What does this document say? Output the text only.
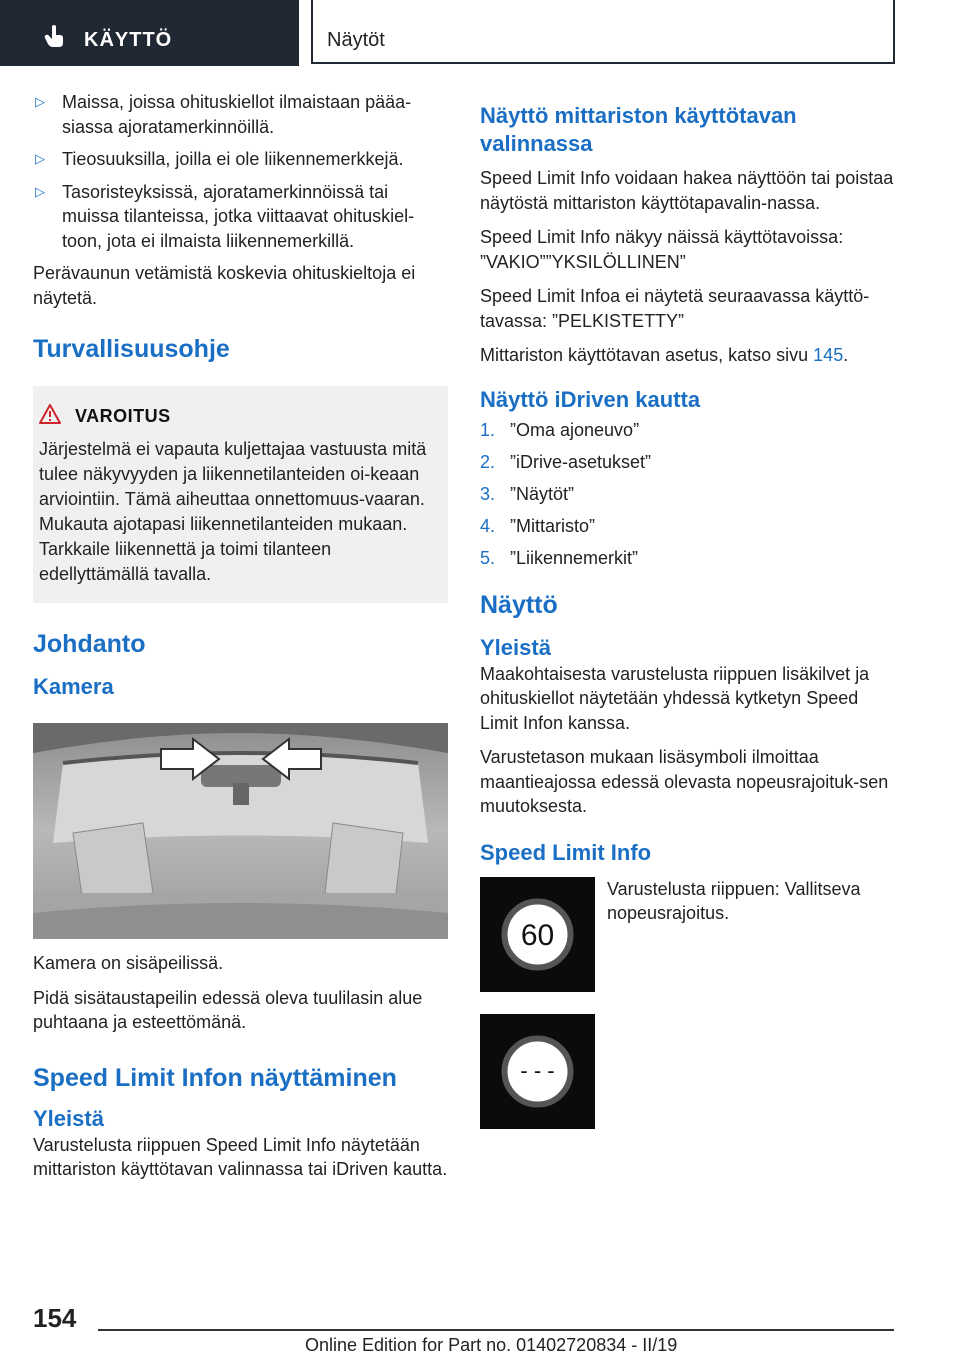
KÄYTTÖ	Näytöt
▷ Maissa, joissa ohituskiellot ilmaistaan pääa-siassa ajoratamerkinnöillä.
▷ Tieosuuksilla, joilla ei ole liikennemerkkejä.
▷ Tasoristeyksissä, ajoratamerkinnöissä tai muissa tilanteissa, jotka viittaavat ohituskiel-toon, jota ei ilmaista liikennemerkillä.

Perävaunun vetämistä koskevia ohituskieltoja ei näytetä.

Turvallisuusohje
VAROITUS

Järjestelmä ei vapauta kuljettajaa vastuusta mitä tulee näkyvyyden ja liikennetilanteiden oi-keaan arviointiin. Tämä aiheuttaa onnettomuus-vaaran. Mukauta ajotapasi liikennetilanteiden mukaan. Tarkkaile liikennettä ja toimi tilanteen edellyttämällä tavalla.

Johdanto
Kamera

Kamera on sisäpeilissä.

Pidä sisätaustapeilin edessä oleva tuulilasin alue puhtaana ja esteettömänä.

Speed Limit Infon näyttäminen
Yleistä

Varustelusta riippuen Speed Limit Info näytetään mittariston käyttötavan valinnassa tai iDriven kautta.

Näyttö mittariston käyttötavan valinnassa

Speed Limit Info voidaan hakea näyttöön tai poistaa näytöstä mittariston käyttötapavalin-nassa.

Speed Limit Info näkyy näissä käyttötavoissa: ”VAKIO””YKSILÖLLINEN”

Speed Limit Infoa ei näytetä seuraavassa käyttö-tavassa: ”PELKISTETTY”

Mittariston käyttötavan asetus, katso sivu 145.

Näyttö iDriven kautta
1. ”Oma ajoneuvo”
2. ”iDrive-asetukset”
3. ”Näytöt”
4. ”Mittaristo”
5. ”Liikennemerkit”
Näyttö
Yleistä

Maakohtaisesta varustelusta riippuen lisäkilvet ja ohituskiellot näytetään yhdessä kytketyn Speed Limit Infon kanssa.

Varustetason mukaan lisäsymboli ilmoittaa maantieajossa edessä olevasta nopeusrajoituk-sen muutoksesta.

Speed Limit Info
60

Varustelusta riippuen: Vallitseva nopeusrajoitus.

- - -
154
Online Edition for Part no. 01402720834 - II/19
